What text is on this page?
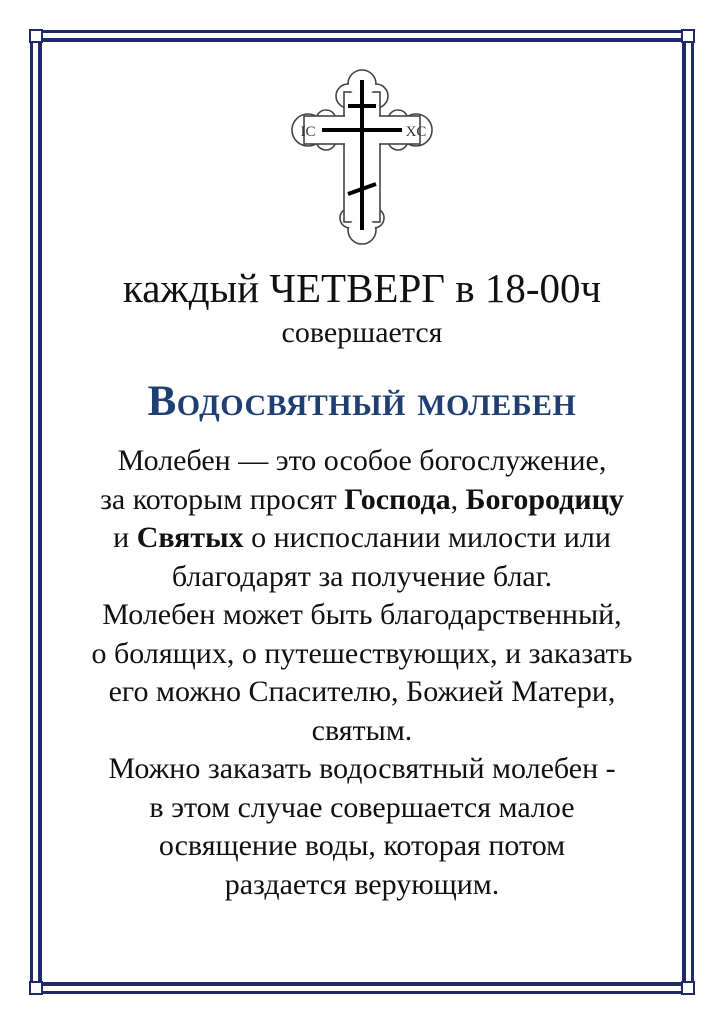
IC	XC
каждый ЧЕТВЕРГ в 18-00ч

совершается

Водосвятный молебен

Молебен — это особое богослужение,
за которым просят Господа, Богородицу
и Святых о ниспослании милости или
благодарят за получение благ.
Молебен может быть благодарственный,
о болящих, о путешествующих, и заказать
его можно Спасителю, Божией Матери,
святым.
Можно заказать водосвятный молебен -
в этом случае совершается малое
освящение воды, которая потом
раздается верующим.
